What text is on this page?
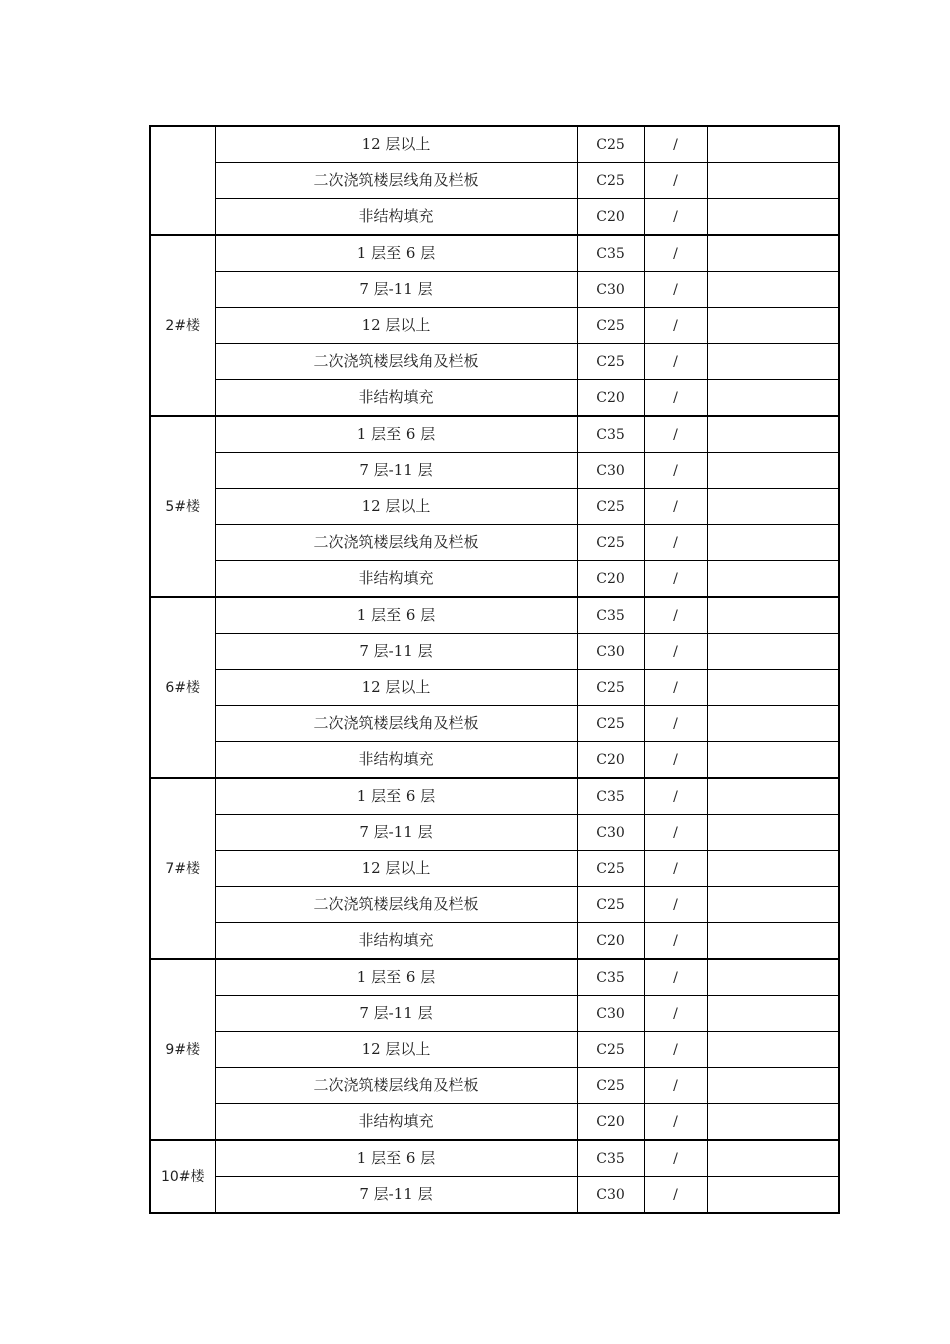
	12 层以上	C25	/	
	二次浇筑楼层线角及栏板	C25	/	
	非结构填充	C20	/	
2#楼	1 层至 6 层	C35	/	
	7 层-11 层	C30	/	
	12 层以上	C25	/	
	二次浇筑楼层线角及栏板	C25	/	
	非结构填充	C20	/	
5#楼	1 层至 6 层	C35	/	
	7 层-11 层	C30	/	
	12 层以上	C25	/	
	二次浇筑楼层线角及栏板	C25	/	
	非结构填充	C20	/	
6#楼	1 层至 6 层	C35	/	
	7 层-11 层	C30	/	
	12 层以上	C25	/	
	二次浇筑楼层线角及栏板	C25	/	
	非结构填充	C20	/	
7#楼	1 层至 6 层	C35	/	
	7 层-11 层	C30	/	
	12 层以上	C25	/	
	二次浇筑楼层线角及栏板	C25	/	
	非结构填充	C20	/	
9#楼	1 层至 6 层	C35	/	
	7 层-11 层	C30	/	
	12 层以上	C25	/	
	二次浇筑楼层线角及栏板	C25	/	
	非结构填充	C20	/	
10#楼	1 层至 6 层	C35	/	
	7 层-11 层	C30	/	
